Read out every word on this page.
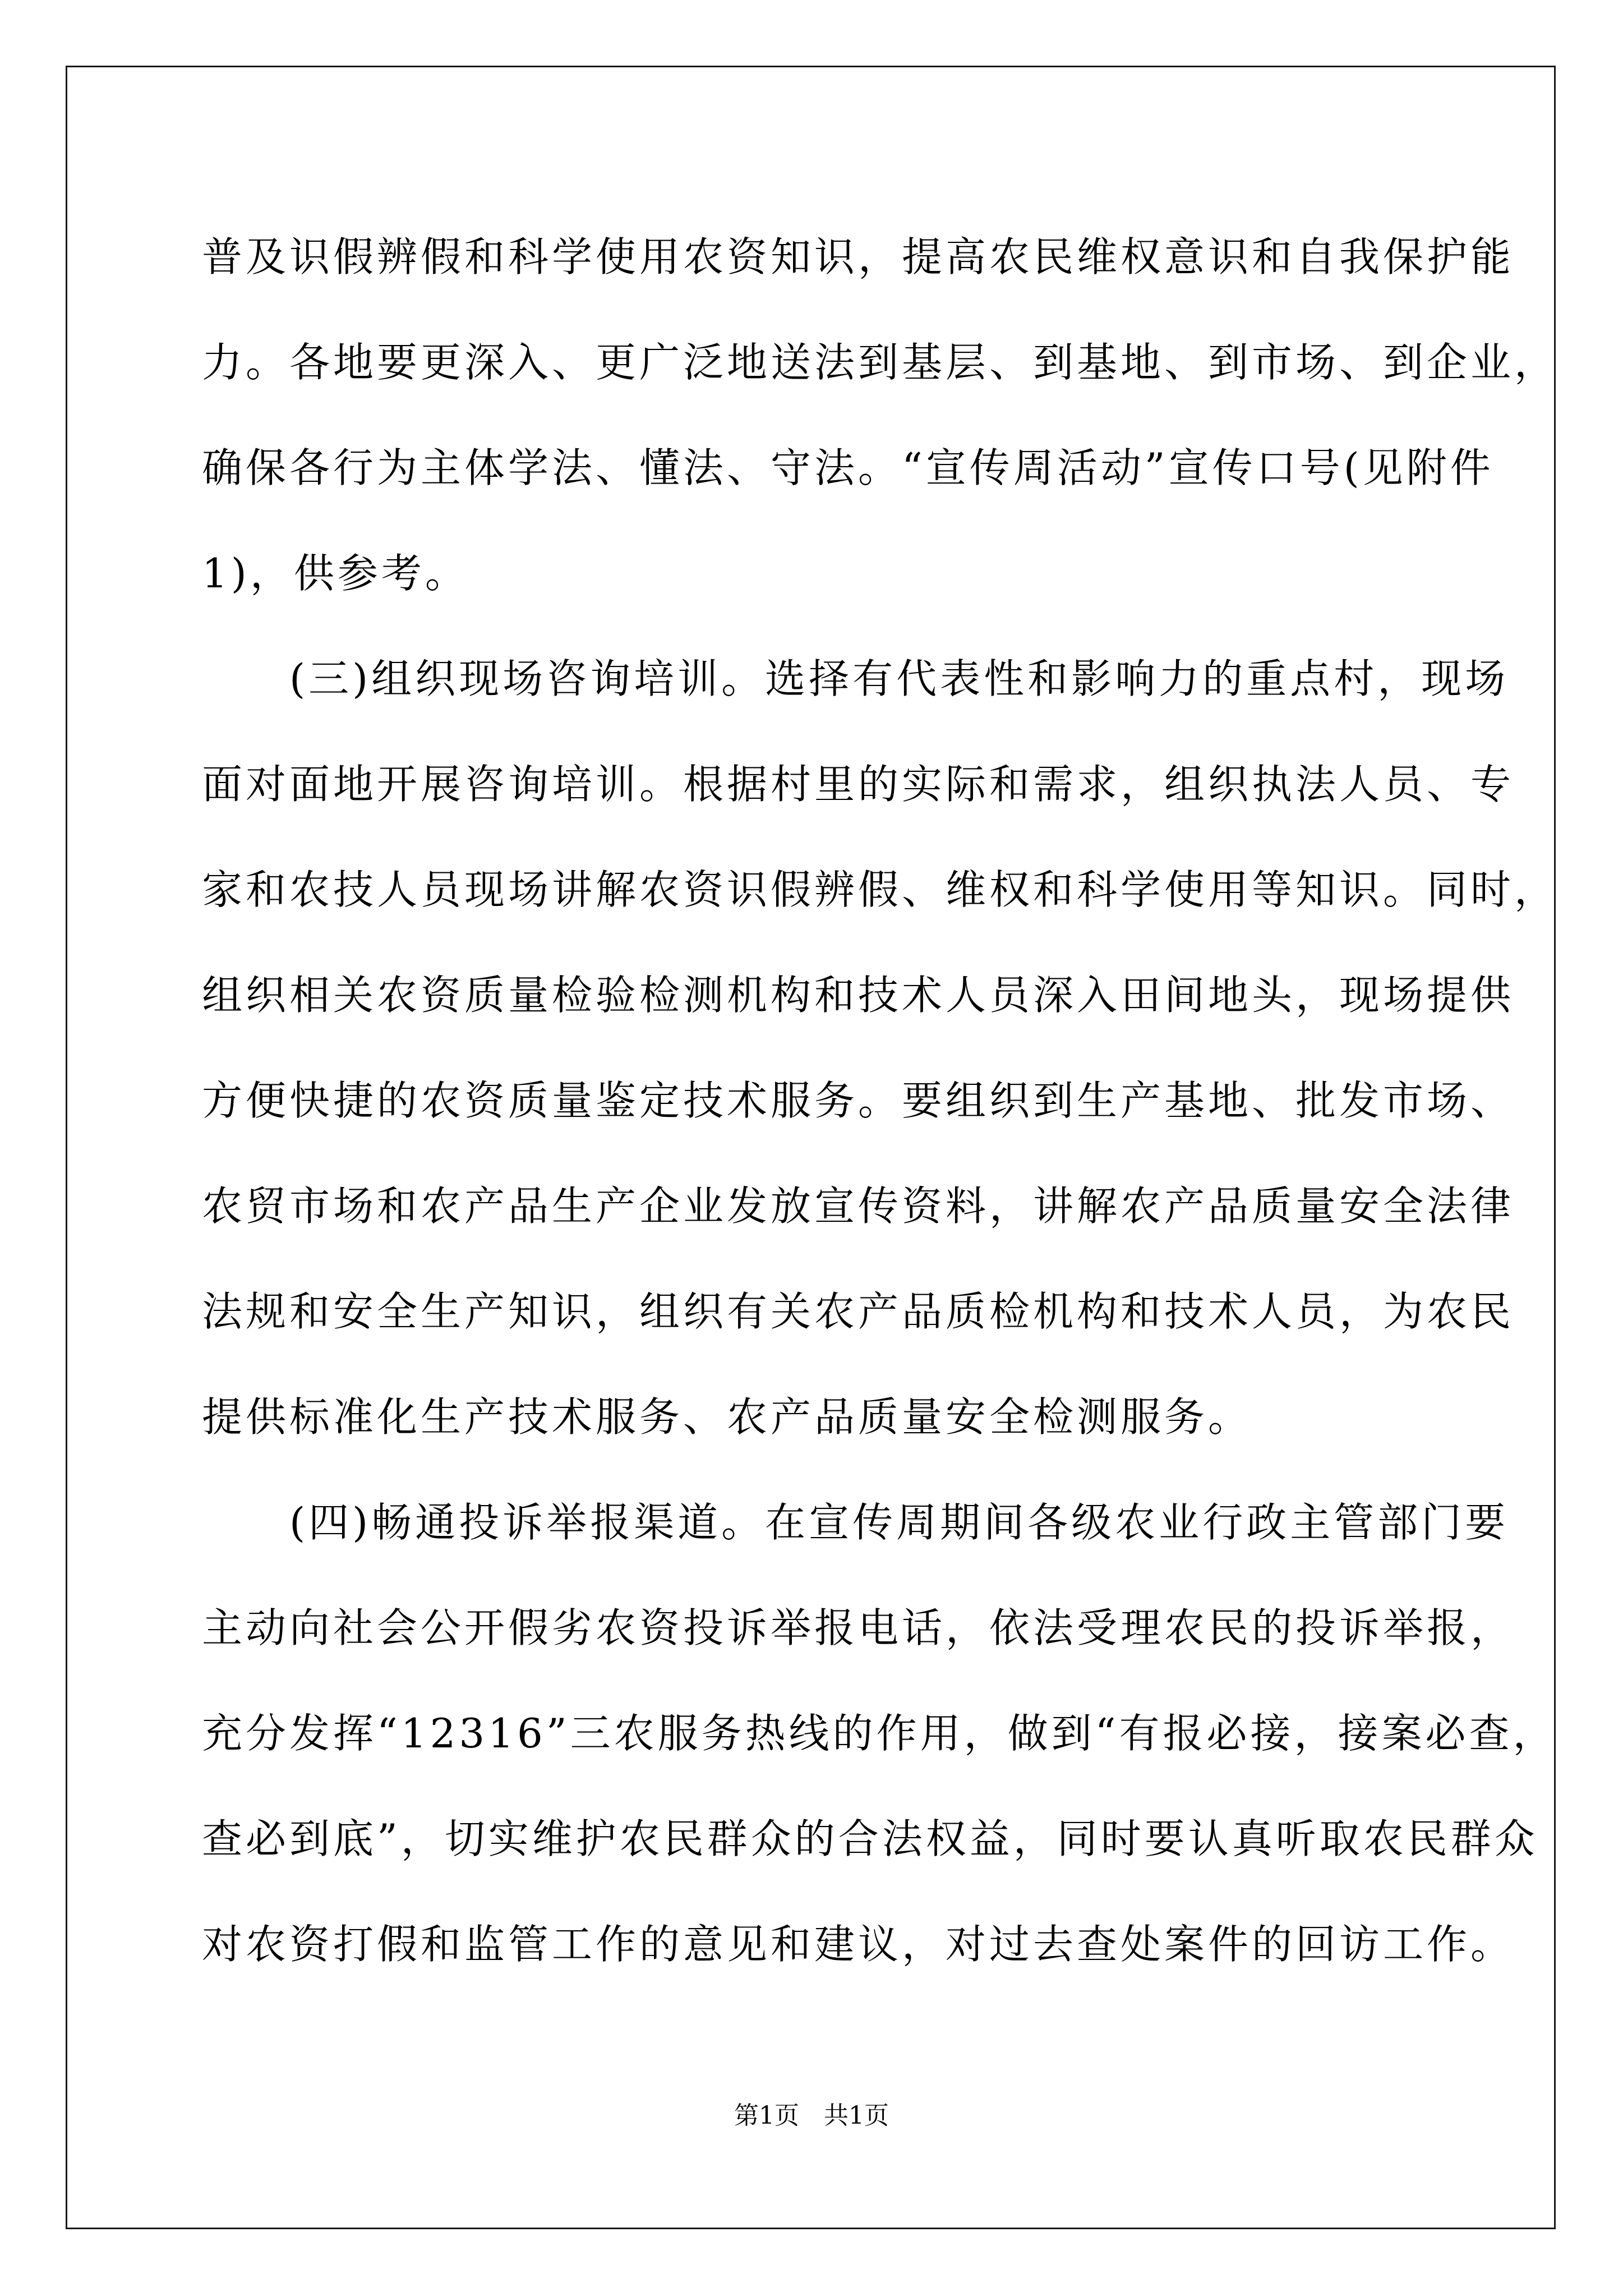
普及识假辨假和科学使用农资知识，提高农民维权意识和自我保护能
力。各地要更深入、更广泛地送法到基层、到基地、到市场、到企业，
确保各行为主体学法、懂法、守法。“宣传周活动”宣传口号(见附件
1)，供参考。
　　(三)组织现场咨询培训。选择有代表性和影响力的重点村，现场
面对面地开展咨询培训。根据村里的实际和需求，组织执法人员、专
家和农技人员现场讲解农资识假辨假、维权和科学使用等知识。同时，
组织相关农资质量检验检测机构和技术人员深入田间地头，现场提供
方便快捷的农资质量鉴定技术服务。要组织到生产基地、批发市场、
农贸市场和农产品生产企业发放宣传资料，讲解农产品质量安全法律
法规和安全生产知识，组织有关农产品质检机构和技术人员，为农民
提供标准化生产技术服务、农产品质量安全检测服务。
　　(四)畅通投诉举报渠道。在宣传周期间各级农业行政主管部门要
主动向社会公开假劣农资投诉举报电话，依法受理农民的投诉举报，
充分发挥“12316”三农服务热线的作用，做到“有报必接，接案必查，
查必到底”，切实维护农民群众的合法权益，同时要认真听取农民群众
对农资打假和监管工作的意见和建议，对过去查处案件的回访工作。
第1页　共1页
